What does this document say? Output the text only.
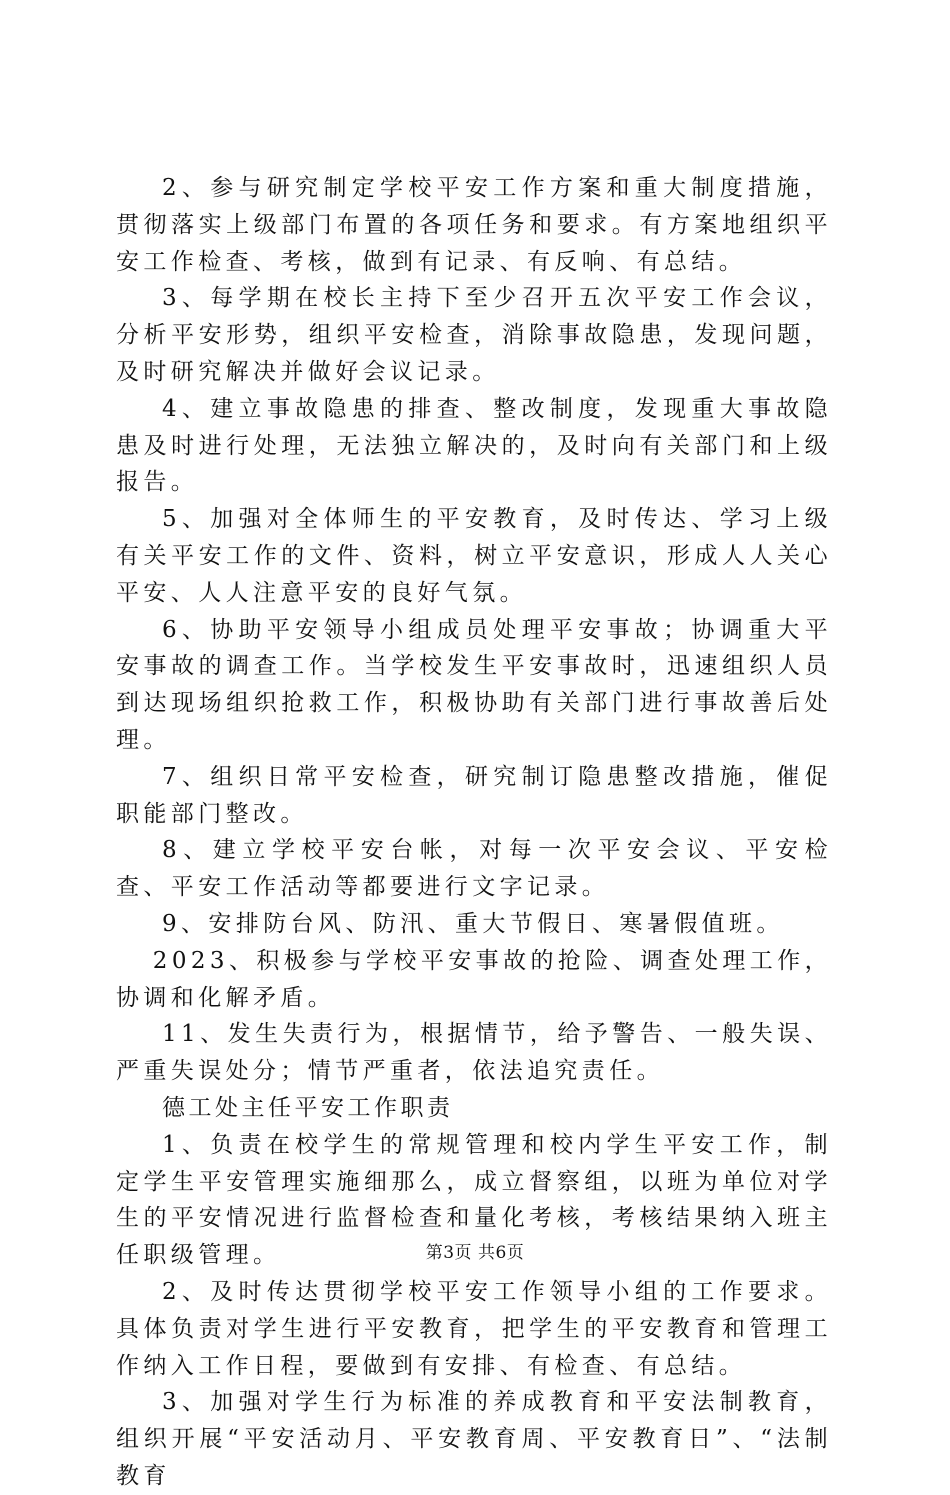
2、参与研究制定学校平安工作方案和重大制度措施，贯彻落实上级部门布置的各项任务和要求。有方案地组织平安工作检查、考核，做到有记录、有反响、有总结。

3、每学期在校长主持下至少召开五次平安工作会议，分析平安形势，组织平安检查，消除事故隐患，发现问题，及时研究解决并做好会议记录。

4、建立事故隐患的排查、整改制度，发现重大事故隐患及时进行处理，无法独立解决的，及时向有关部门和上级报告。

5、加强对全体师生的平安教育，及时传达、学习上级有关平安工作的文件、资料，树立平安意识，形成人人关心平安、人人注意平安的良好气氛。

6、协助平安领导小组成员处理平安事故；协调重大平安事故的调查工作。当学校发生平安事故时，迅速组织人员到达现场组织抢救工作，积极协助有关部门进行事故善后处理。

7、组织日常平安检查，研究制订隐患整改措施，催促职能部门整改。

8、建立学校平安台帐，对每一次平安会议、平安检查、平安工作活动等都要进行文字记录。

9、安排防台风、防汛、重大节假日、寒暑假值班。

2023、积极参与学校平安事故的抢险、调查处理工作，协调和化解矛盾。

11、发生失责行为，根据情节，给予警告、一般失误、严重失误处分；情节严重者，依法追究责任。

德工处主任平安工作职责

1、负责在校学生的常规管理和校内学生平安工作，制定学生平安管理实施细那么，成立督察组，以班为单位对学生的平安情况进行监督检查和量化考核，考核结果纳入班主任职级管理。

2、及时传达贯彻学校平安工作领导小组的工作要求。具体负责对学生进行平安教育，把学生的平安教育和管理工作纳入工作日程，要做到有安排、有检查、有总结。

3、加强对学生行为标准的养成教育和平安法制教育，组织开展“平安活动月、平安教育周、平安教育日”、“法制教育

第3页 共6页
